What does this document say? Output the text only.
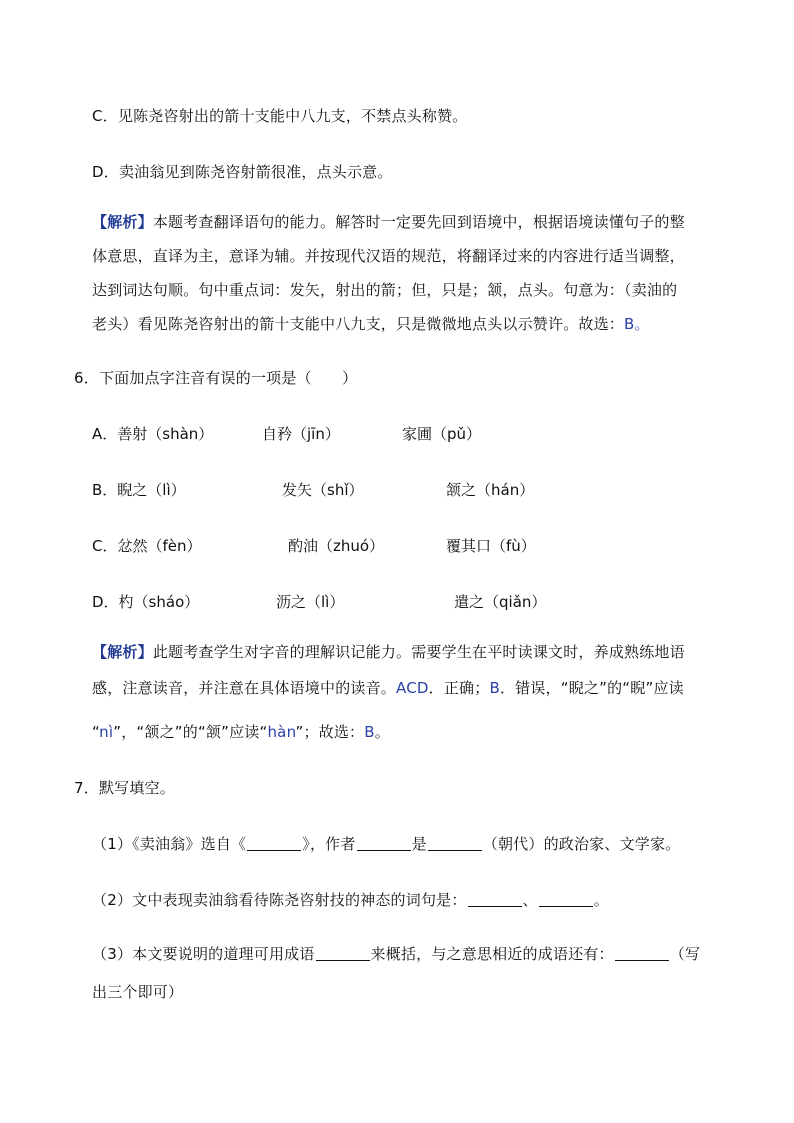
C．见陈尧咨射出的箭十支能中八九支，不禁点头称赞。
D．卖油翁见到陈尧咨射箭很准，点头示意。
【解析】本题考查翻译语句的能力。解答时一定要先回到语境中，根据语境读懂句子的整
体意思，直译为主，意译为辅。并按现代汉语的规范，将翻译过来的内容进行适当调整，
达到词达句顺。句中重点词：发矢，射出的箭；但，只是；颔，点头。句意为：（卖油的
老头）看见陈尧咨射出的箭十支能中八九支，只是微微地点头以示赞许。故选：B。
6．下面加点字注音有误的一项是（　　）
A．善射（shàn）	自矜（jīn）	家圃（pǔ）
B．睨之（lì）	发矢（shǐ）	颔之（hán）
C．忿然（fèn）	酌油（zhuó）	覆其口（fù）
D．杓（sháo）	沥之（lì）	遣之（qiǎn）
【解析】此题考查学生对字音的理解识记能力。需要学生在平时读课文时，养成熟练地语
感，注意读音，并注意在具体语境中的读音。ACD．正确；B．错误，“睨之”的“睨”应读
“nì”，“颔之”的“颔”应读“hàn”；故选：B。
7．默写填空。
（1）《卖油翁》选自《	》，作者	是	（朝代）的政治家、文学家。
（2）文中表现卖油翁看待陈尧咨射技的神态的词句是：	、	。
（3）本文要说明的道理可用成语	来概括，与之意思相近的成语还有：	（写
出三个即可）
